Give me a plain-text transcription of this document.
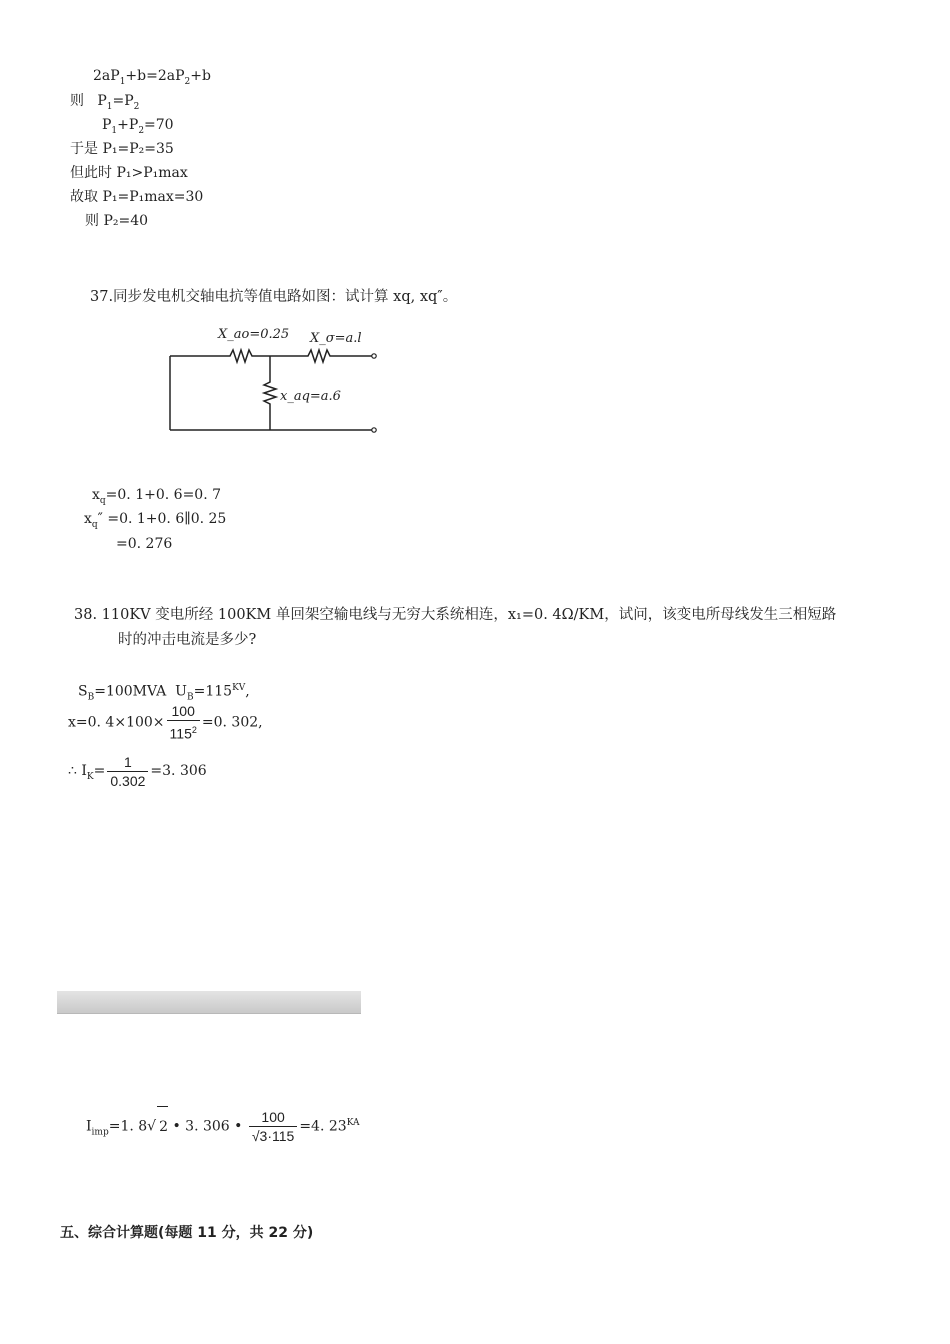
$2aP_1+b=2aP_2+b$
则   $P_1=P_2$
$P_1+P_2=70$
于是 P₁=P₂=35
但此时 P₁>P₁max
故取 P₁=P₁max=30
则 P₂=40
37.同步发电机交轴电抗等值电路如图：试计算 xq, xq″。
X_ao=0.25 X_σ=a.l
x_aq=a.6
$x_q=0$. 1+0. 6=0. 7
$x_q'' =0$. 1+0. 6∥0. 25
=0. 276
38. 110KV 变电所经 100KM 单回架空输电线与无穷大系统相连，x₁=0. 4Ω/KM，试问，该变电所母线发生三相短路
时的冲击电流是多少?
$S_B=100MVA$  $U_B=115^{KV}$,
x=0. $4\times 100\times \frac{100}{115^2} =0$. 302,
∴ $I_K= \frac{1}{0.302} =3$. 306
$I_{imp}=1$. 8√ 2 • 3. 306 • $\frac{100}{√3\cdot 115} =4$. $23^{KA}$
五、综合计算题(每题 11 分，共 22 分)
